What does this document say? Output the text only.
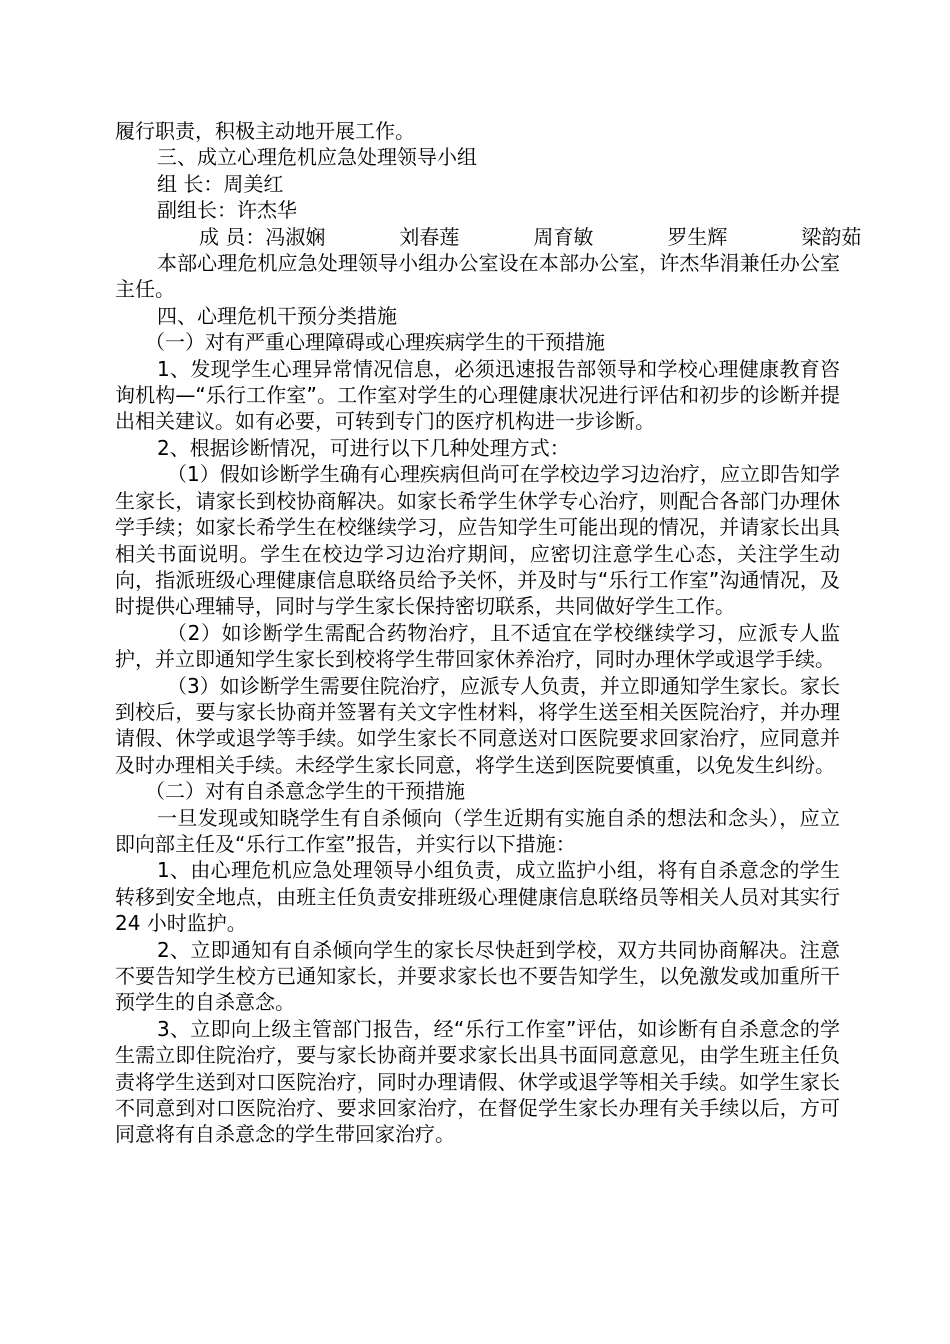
履行职责，积极主动地开展工作。

三、成立心理危机应急处理领导小组

组 长：周美红

副组长：许杰华

成 员：冯淑娴	刘春莲	周育敏	罗生辉	梁韵茹

本部心理危机应急处理领导小组办公室设在本部办公室，许杰华涓兼任办公室主任。

四、心理危机干预分类措施

（一）对有严重心理障碍或心理疾病学生的干预措施

1、发现学生心理异常情况信息，必须迅速报告部领导和学校心理健康教育咨询机构—“乐行工作室”。工作室对学生的心理健康状况进行评估和初步的诊断并提出相关建议。如有必要，可转到专门的医疗机构进一步诊断。

2、根据诊断情况，可进行以下几种处理方式：

（1）假如诊断学生确有心理疾病但尚可在学校边学习边治疗，应立即告知学生家长，请家长到校协商解决。如家长希学生休学专心治疗，则配合各部门办理休学手续；如家长希学生在校继续学习，应告知学生可能出现的情况，并请家长出具相关书面说明。学生在校边学习边治疗期间，应密切注意学生心态，关注学生动向，指派班级心理健康信息联络员给予关怀，并及时与“乐行工作室”沟通情况，及时提供心理辅导，同时与学生家长保持密切联系，共同做好学生工作。

（2）如诊断学生需配合药物治疗，且不适宜在学校继续学习，应派专人监护，并立即通知学生家长到校将学生带回家休养治疗，同时办理休学或退学手续。

（3）如诊断学生需要住院治疗，应派专人负责，并立即通知学生家长。家长到校后，要与家长协商并签署有关文字性材料，将学生送至相关医院治疗，并办理请假、休学或退学等手续。如学生家长不同意送对口医院要求回家治疗，应同意并及时办理相关手续。未经学生家长同意，将学生送到医院要慎重，以免发生纠纷。

（二）对有自杀意念学生的干预措施

一旦发现或知晓学生有自杀倾向（学生近期有实施自杀的想法和念头），应立即向部主任及“乐行工作室”报告，并实行以下措施：

1、由心理危机应急处理领导小组负责，成立监护小组，将有自杀意念的学生转移到安全地点，由班主任负责安排班级心理健康信息联络员等相关人员对其实行 24 小时监护。

2、立即通知有自杀倾向学生的家长尽快赶到学校，双方共同协商解决。注意不要告知学生校方已通知家长，并要求家长也不要告知学生，以免激发或加重所干预学生的自杀意念。

3、立即向上级主管部门报告，经“乐行工作室”评估，如诊断有自杀意念的学生需立即住院治疗，要与家长协商并要求家长出具书面同意意见，由学生班主任负责将学生送到对口医院治疗，同时办理请假、休学或退学等相关手续。如学生家长不同意到对口医院治疗、要求回家治疗，在督促学生家长办理有关手续以后，方可同意将有自杀意念的学生带回家治疗。
